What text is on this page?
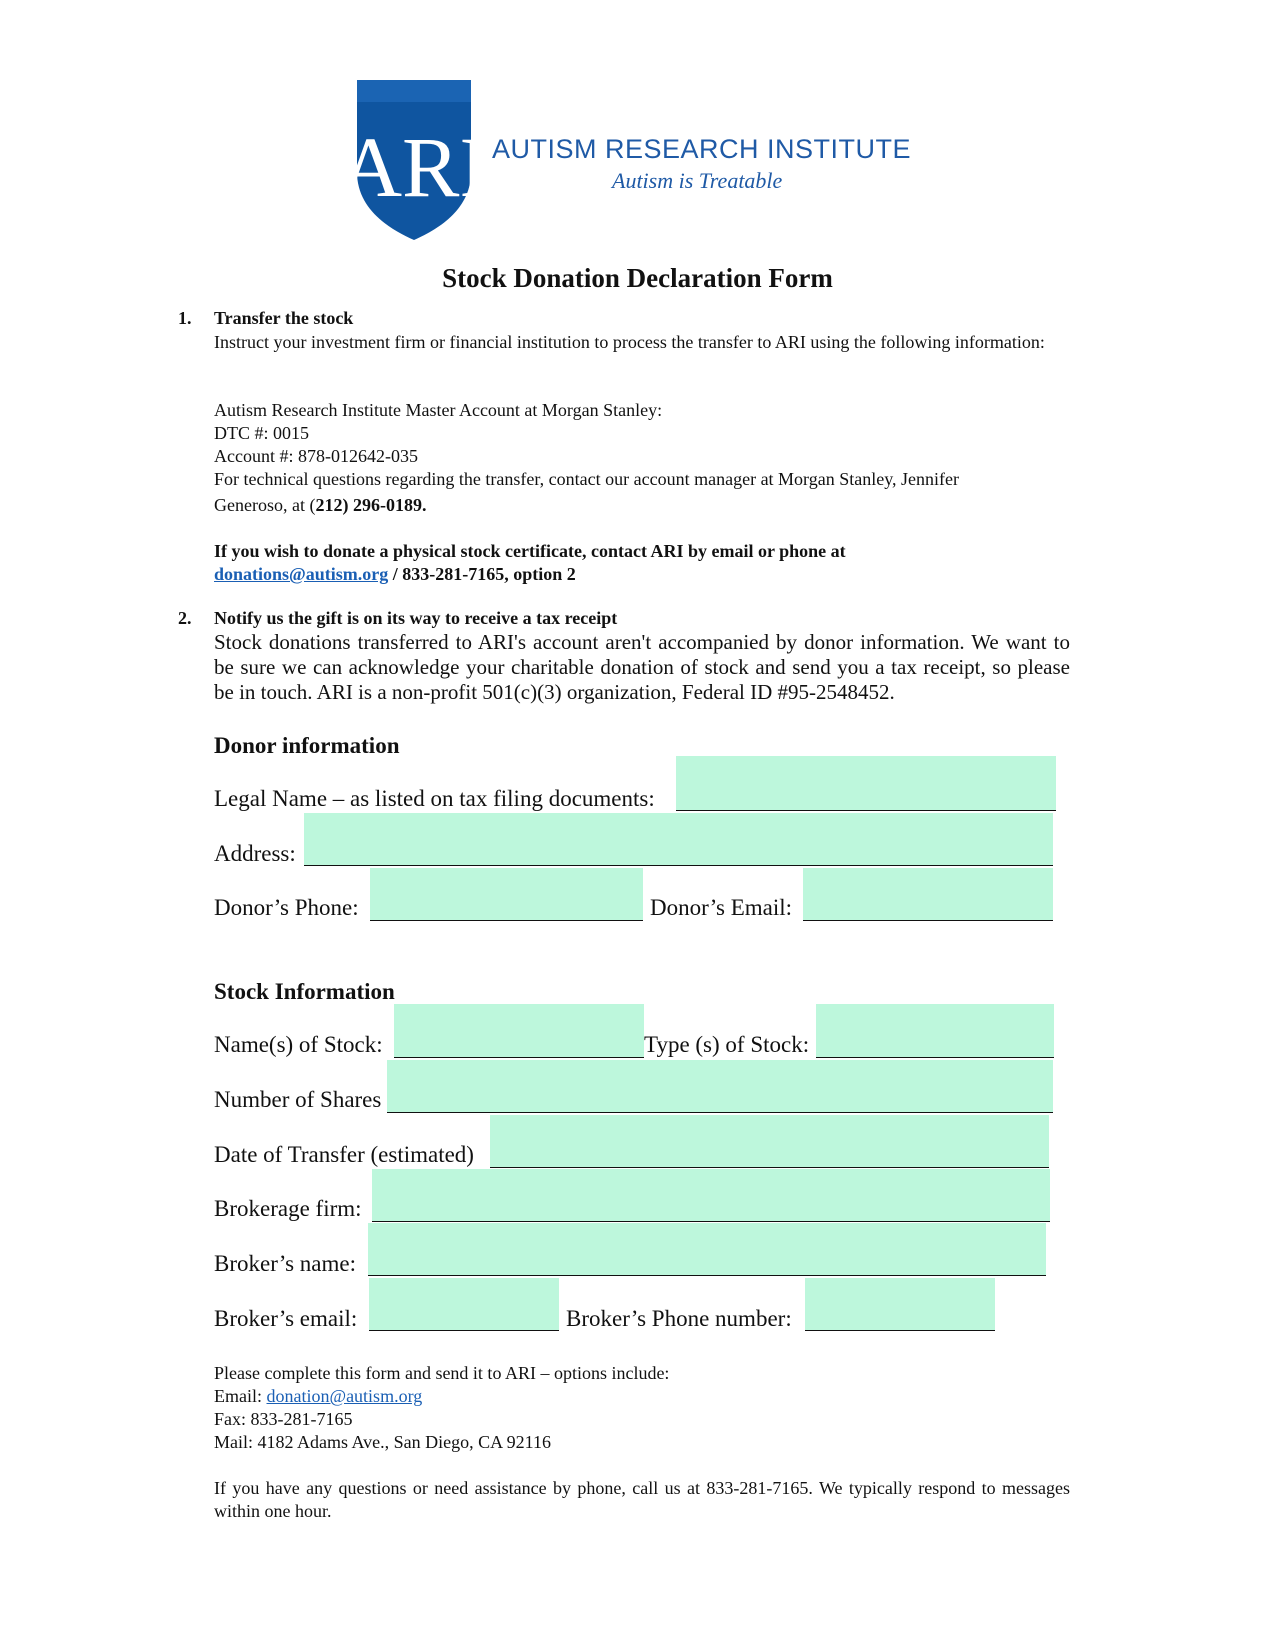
ARI AUTISM RESEARCH INSTITUTE
Autism is Treatable
Stock Donation Declaration Form
1. Transfer the stock
Instruct your investment firm or financial institution to process the transfer to ARI using the following information:
Autism Research Institute Master Account at Morgan Stanley:
DTC #: 0015
Account #: 878-012642-035
For technical questions regarding the transfer, contact our account manager at Morgan Stanley, Jennifer
Generoso, at (212) 296-0189.
If you wish to donate a physical stock certificate, contact ARI by email or phone at
donations@autism.org / 833-281-7165, option 2
2. Notify us the gift is on its way to receive a tax receipt
Stock donations transferred to ARI's account aren't accompanied by donor information. We want to be sure we can acknowledge your charitable donation of stock and send you a tax receipt, so please be in touch. ARI is a non-profit 501(c)(3) organization, Federal ID #95-2548452.
Donor information
Legal Name – as listed on tax filing documents:
Address:
Donor’s Phone:	Donor’s Email:
Stock Information
Name(s) of Stock:	Type (s) of Stock:
Number of Shares
Date of Transfer (estimated)
Brokerage firm:
Broker’s name:
Broker’s email:	Broker’s Phone number:
Please complete this form and send it to ARI – options include:
Email: donation@autism.org
Fax: 833-281-7165
Mail: 4182 Adams Ave., San Diego, CA 92116
If you have any questions or need assistance by phone, call us at 833-281-7165. We typically respond to messages within one hour.
